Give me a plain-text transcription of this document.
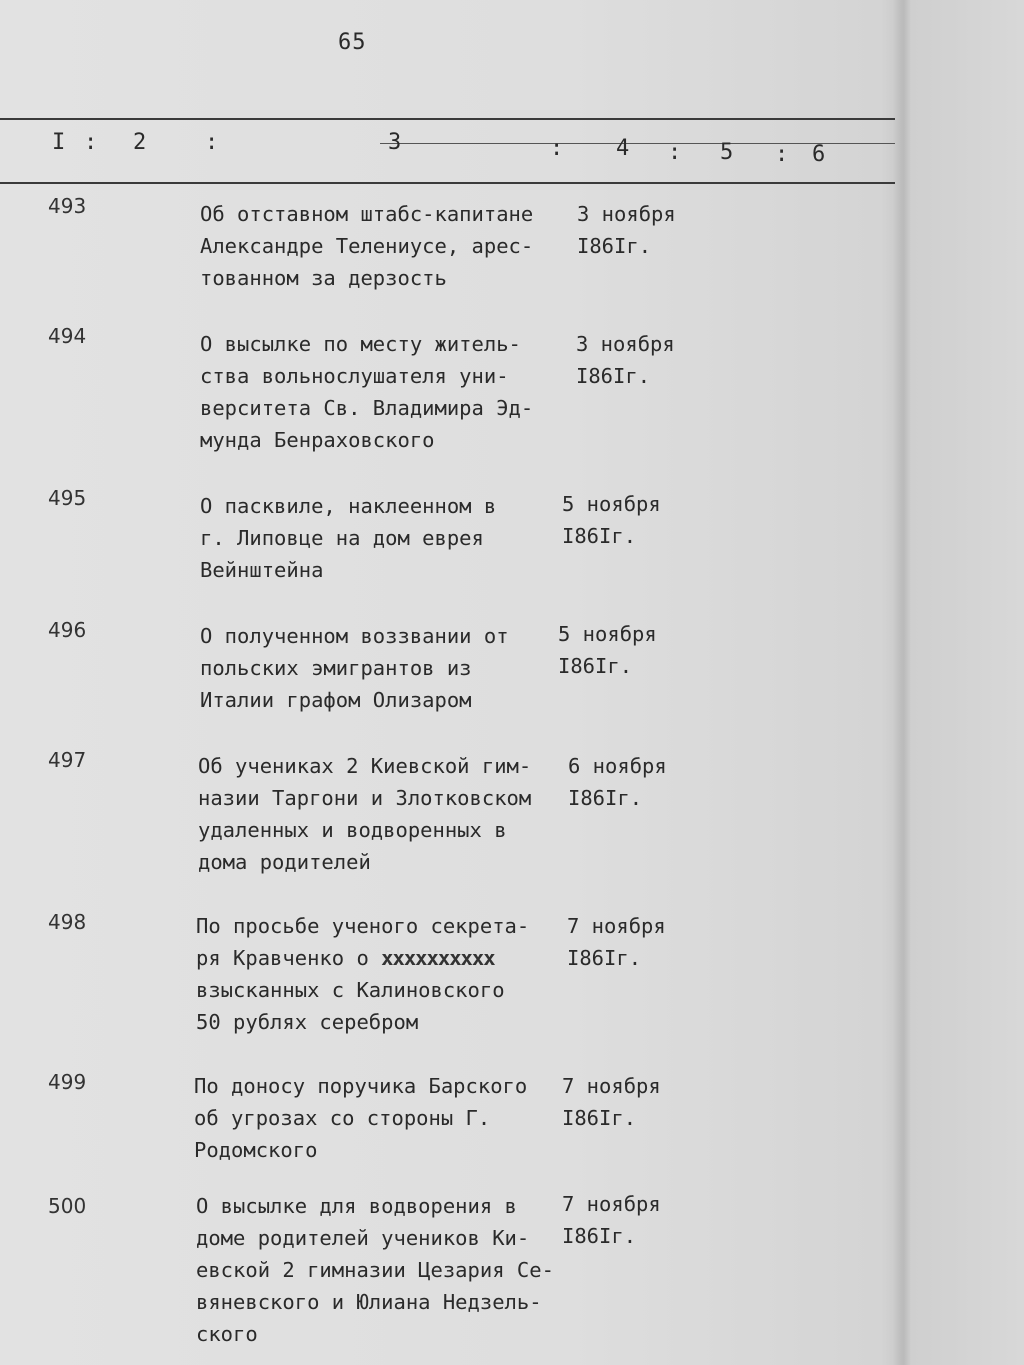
65
I : 2	:	3	: 4 : 5 : 6
493	Об отставном штабс-капитане
Александре Телениусе, арес-
тованном за дерзость
3 ноября
I86Iг.
494	О высылке по месту житель-
ства вольнослушателя уни-
верситета Св. Владимира Эд-
мунда Бенраховского
3 ноября
I86Iг.
495	О пасквиле, наклеенном в
г. Липовце на дом еврея
Вейнштейна
5 ноября
I86Iг.
496	О полученном воззвании от
польских эмигрантов из
Италии графом Олизаром
5 ноября
I86Iг.
497	Об учениках 2 Киевской гим-
назии Таргони и Злотковском
удаленных и водворенных в
дома родителей
6 ноября
I86Iг.
498	По просьбе ученого секрета-
ря Кравченко о xxxxxxxxxx
взысканных с Калиновского
50 рублях серебром
7 ноября
I86Iг.
499	По доносу поручика Барского
об угрозах со стороны Г.
Родомского
7 ноября
I86Iг.
500	О высылке для водворения в
доме родителей учеников Ки-
евской 2 гимназии Цезария Се-
вяневского и Юлиана Недзель-
ского
7 ноября
I86Iг.
